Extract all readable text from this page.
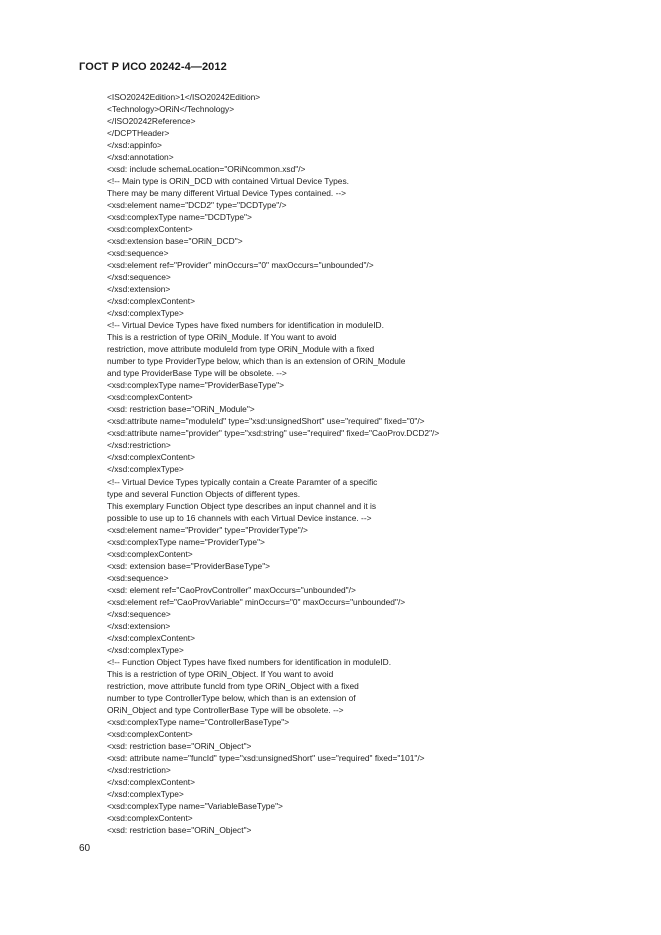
ГОСТ Р ИСО 20242-4—2012
<ISO20242Edition>1</ISO20242Edition>
<Technology>ORiN</Technology>
</ISO20242Reference>
</DCPTHeader>
</xsd:appinfo>
</xsd:annotation>
<xsd: include schemaLocation="ORiNcommon.xsd"/>
<!-- Main type is ORiN_DCD with contained Virtual Device Types.
There may be many different Virtual Device Types contained. -->
<xsd:element name="DCD2" type="DCDType"/>
<xsd:complexType name="DCDType">
<xsd:complexContent>
<xsd:extension base="ORiN_DCD">
<xsd:sequence>
<xsd:element ref="Provider" minOccurs="0" maxOccurs="unbounded"/>
</xsd:sequence>
</xsd:extension>
</xsd:complexContent>
</xsd:complexType>
<!-- Virtual Device Types have fixed numbers for identification in moduleID.
This is a restriction of type ORiN_Module. If You want to avoid
restriction, move attribute moduleId from type ORiN_Module with a fixed
number to type ProviderType below, which than is an extension of ORiN_Module
and type ProviderBase Type will be obsolete. -->
<xsd:complexType name="ProviderBaseType">
<xsd:complexContent>
<xsd: restriction base="ORiN_Module">
<xsd:attribute name="moduleId" type="xsd:unsignedShort" use="required" fixed="0"/>
<xsd:attribute name="provider" type="xsd:string" use="required" fixed="CaoProv.DCD2"/>
</xsd:restriction>
</xsd:complexContent>
</xsd:complexType>
<!-- Virtual Device Types typically contain a Create Paramter of a specific
type and several Function Objects of different types.
This exemplary Function Object type describes an input channel and it is
possible to use up to 16 channels with each Virtual Device instance. -->
<xsd:element name="Provider" type="ProviderType"/>
<xsd:complexType name="ProviderType">
<xsd:complexContent>
<xsd: extension base="ProviderBaseType">
<xsd:sequence>
<xsd: element ref="CaoProvController" maxOccurs="unbounded"/>
<xsd:element ref="CaoProvVariable" minOccurs="0" maxOccurs="unbounded"/>
</xsd:sequence>
</xsd:extension>
</xsd:complexContent>
</xsd:complexType>
<!-- Function Object Types have fixed numbers for identification in moduleID.
This is a restriction of type ORiN_Object. If You want to avoid
restriction, move attribute funcld from type ORiN_Object with a fixed
number to type ControllerType below, which than is an extension of
ORiN_Object and type ControllerBase Type will be obsolete. -->
<xsd:complexType name="ControllerBaseType">
<xsd:complexContent>
<xsd: restriction base="ORiN_Object">
<xsd: attribute name="funcId" type="xsd:unsignedShort" use="required" fixed="101"/>
</xsd:restriction>
</xsd:complexContent>
</xsd:complexType>
<xsd:complexType name="VariableBaseType">
<xsd:complexContent>
<xsd: restriction base="ORiN_Object">
60
